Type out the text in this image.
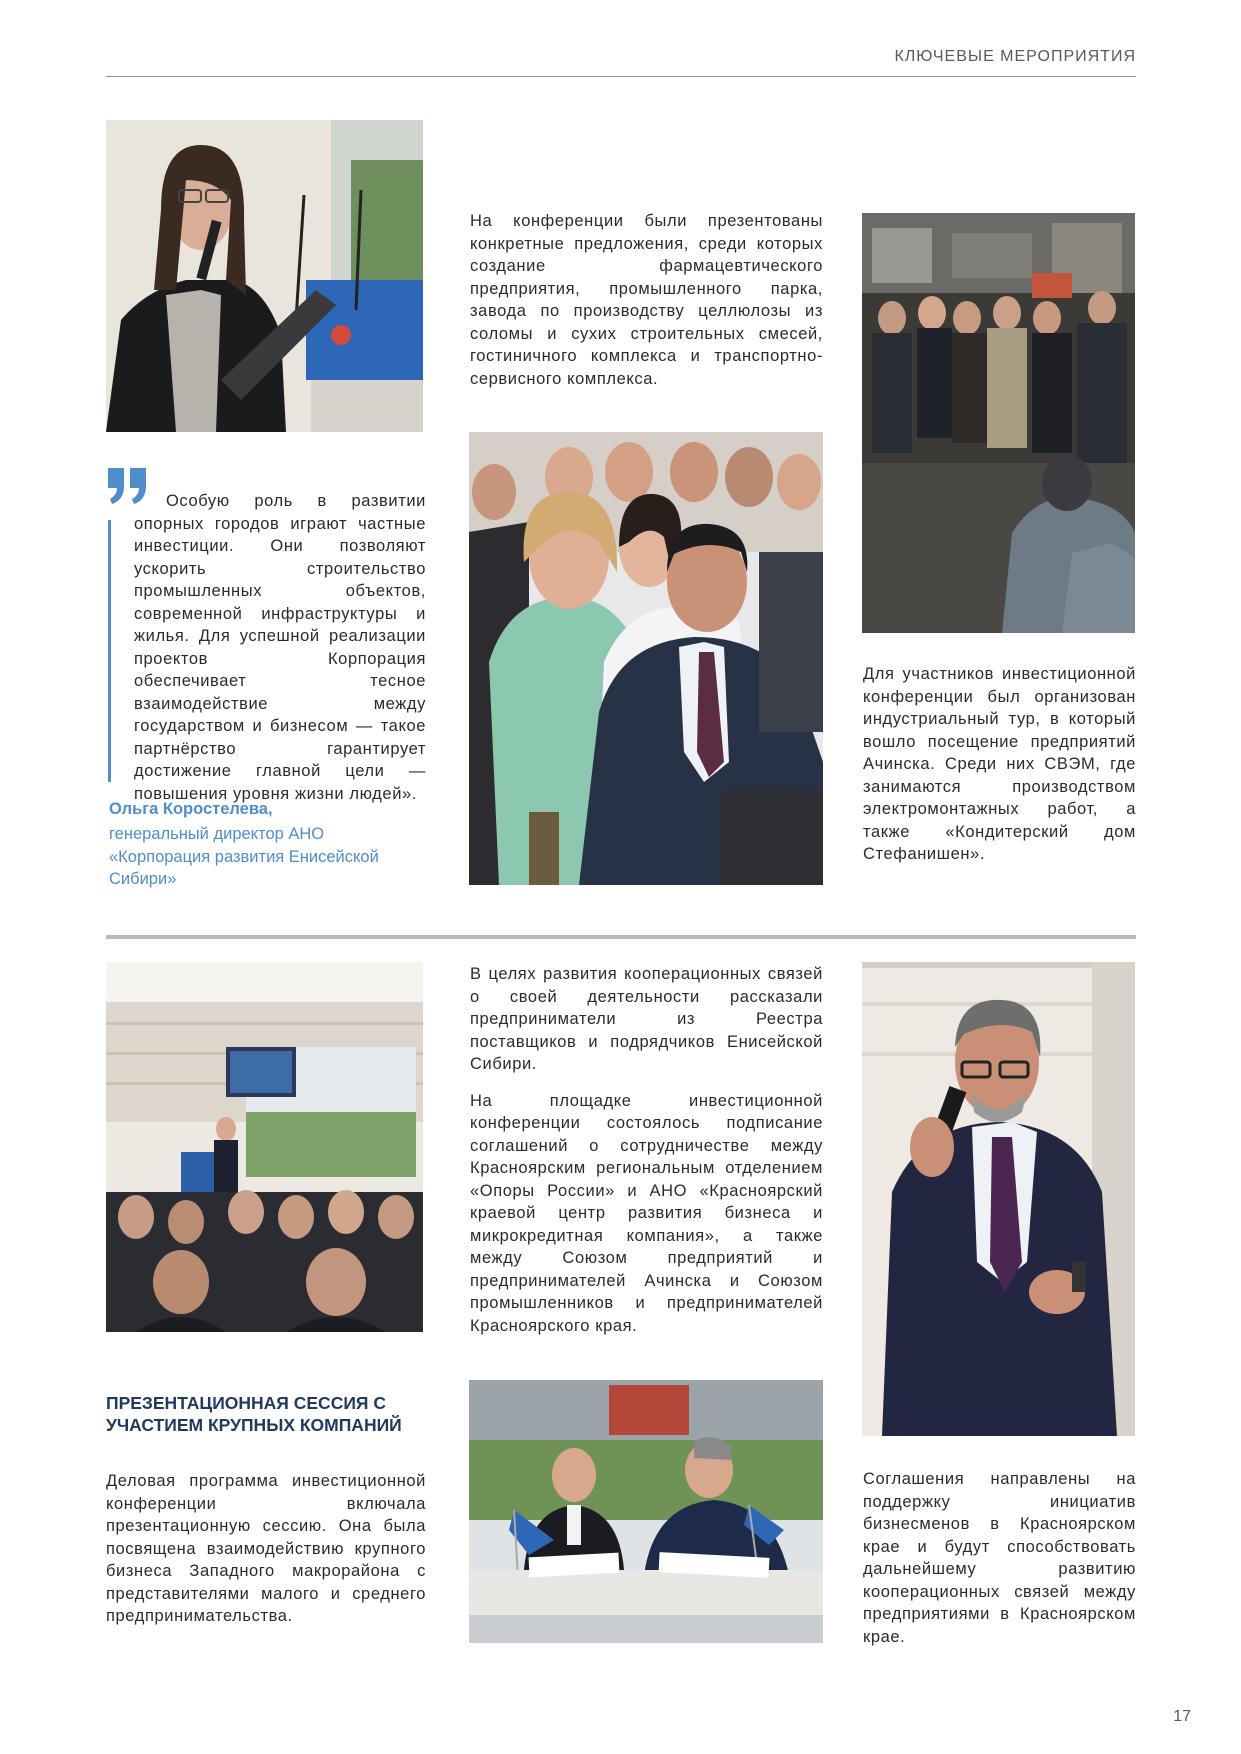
КЛЮЧЕВЫЕ МЕРОПРИЯТИЯ
Особую роль в развитии опорных городов играют частные инвестиции. Они позволяют ускорить строительство промышленных объектов, современной инфраструктуры и жилья. Для успешной реализации проектов Корпорация обеспечивает тесное взаимодействие между государством и бизнесом — такое партнёрство гарантирует достижение главной цели — повышения уровня жизни людей».
Ольга Коростелева,
генеральный директор АНО «Корпорация развития Енисейской Сибири»

На конференции были презентованы конкретные предложения, среди которых создание фармацевтического предприятия, промышленного парка, завода по производству целлюлозы из соломы и сухих строительных смесей, гостиничного комплекса и транспортно-сервисного комплекса.

Для участников инвестиционной конференции был организован индустриальный тур, в который вошло посещение предприятий Ачинска. Среди них СВЭМ, где занимаются производством электромонтажных работ, а также «Кондитерский дом Стефанишен».

ПРЕЗЕНТАЦИОННАЯ СЕССИЯ С УЧАСТИЕМ КРУПНЫХ КОМПАНИЙ

Деловая программа инвестиционной конференции включала презентационную сессию. Она была посвящена взаимодействию крупного бизнеса Западного макрорайона с представителями малого и среднего предпринимательства.

В целях развития кооперационных связей о своей деятельности рассказали предприниматели из Реестра поставщиков и подрядчиков Енисейской Сибири.

На площадке инвестиционной конференции состоялось подписание соглашений о сотрудничестве между Красноярским региональным отделением «Опоры России» и АНО «Красноярский краевой центр развития бизнеса и микрокредитная компания», а также между Союзом предприятий и предпринимателей Ачинска и Союзом промышленников и предпринимателей Красноярского края.

Соглашения направлены на поддержку инициатив бизнесменов в Красноярском крае и будут способствовать дальнейшему развитию кооперационных связей между предприятиями в Красноярском крае.

17
